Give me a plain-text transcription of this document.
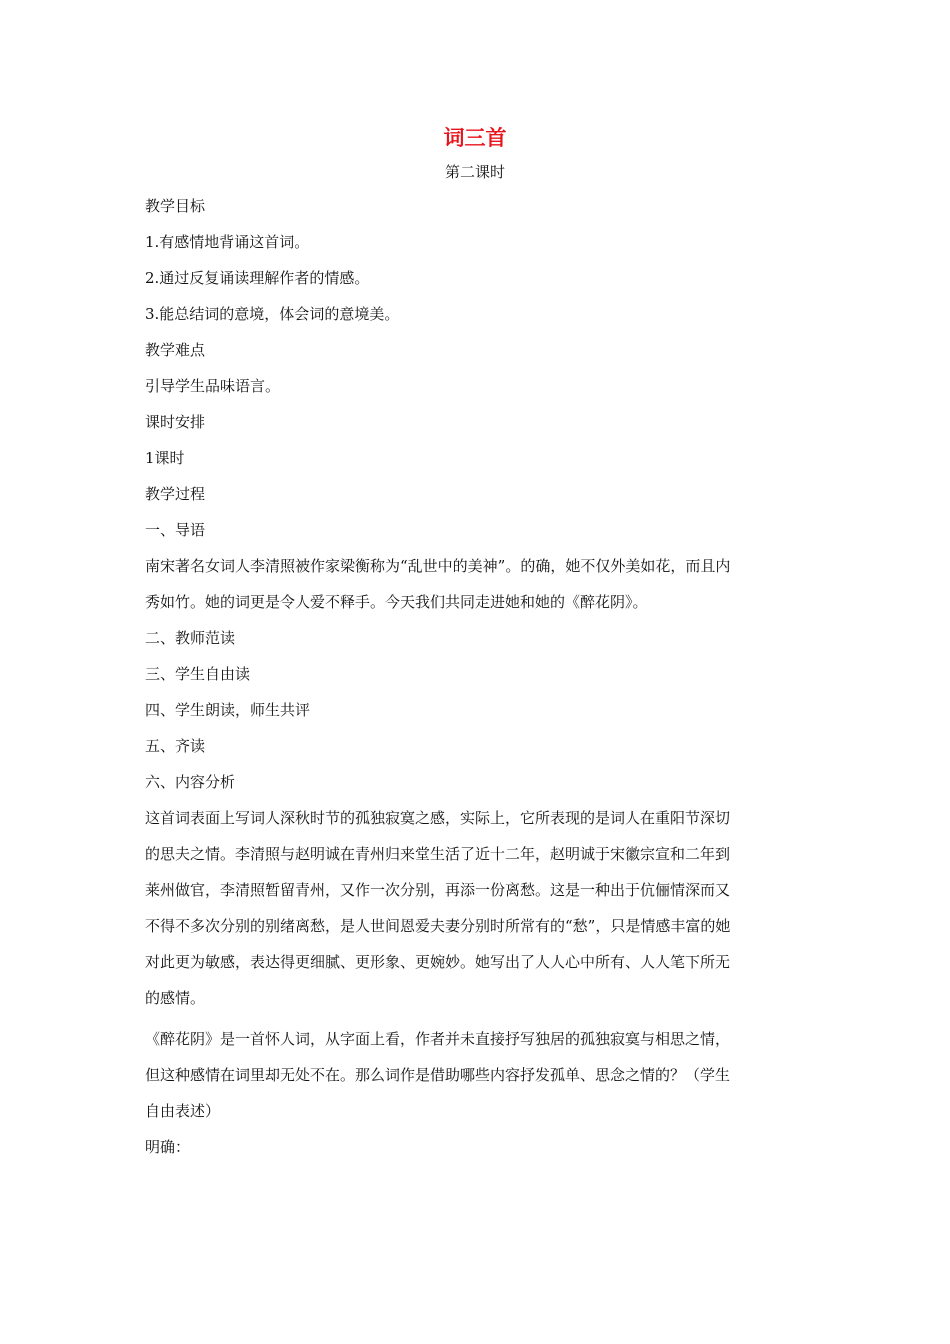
词三首
第二课时
教学目标
1.有感情地背诵这首词。
2.通过反复诵读理解作者的情感。
3.能总结词的意境，体会词的意境美。
教学难点
引导学生品味语言。
课时安排
1课时
教学过程
一、导语
南宋著名女词人李清照被作家梁衡称为“乱世中的美神”。的确，她不仅外美如花，而且内秀如竹。她的词更是令人爱不释手。今天我们共同走进她和她的《醉花阴》。
二、教师范读
三、学生自由读
四、学生朗读，师生共评
五、齐读
六、内容分析
这首词表面上写词人深秋时节的孤独寂寞之感，实际上，它所表现的是词人在重阳节深切的思夫之情。李清照与赵明诚在青州归来堂生活了近十二年，赵明诚于宋徽宗宣和二年到莱州做官，李清照暂留青州，又作一次分别，再添一份离愁。这是一种出于伉俪情深而又不得不多次分别的别绪离愁，是人世间恩爱夫妻分别时所常有的“愁”，只是情感丰富的她对此更为敏感，表达得更细腻、更形象、更婉妙。她写出了人人心中所有、人人笔下所无的感情。
《醉花阴》是一首怀人词，从字面上看，作者并未直接抒写独居的孤独寂寞与相思之情，但这种感情在词里却无处不在。那么词作是借助哪些内容抒发孤单、思念之情的？（学生自由表述）
明确：
